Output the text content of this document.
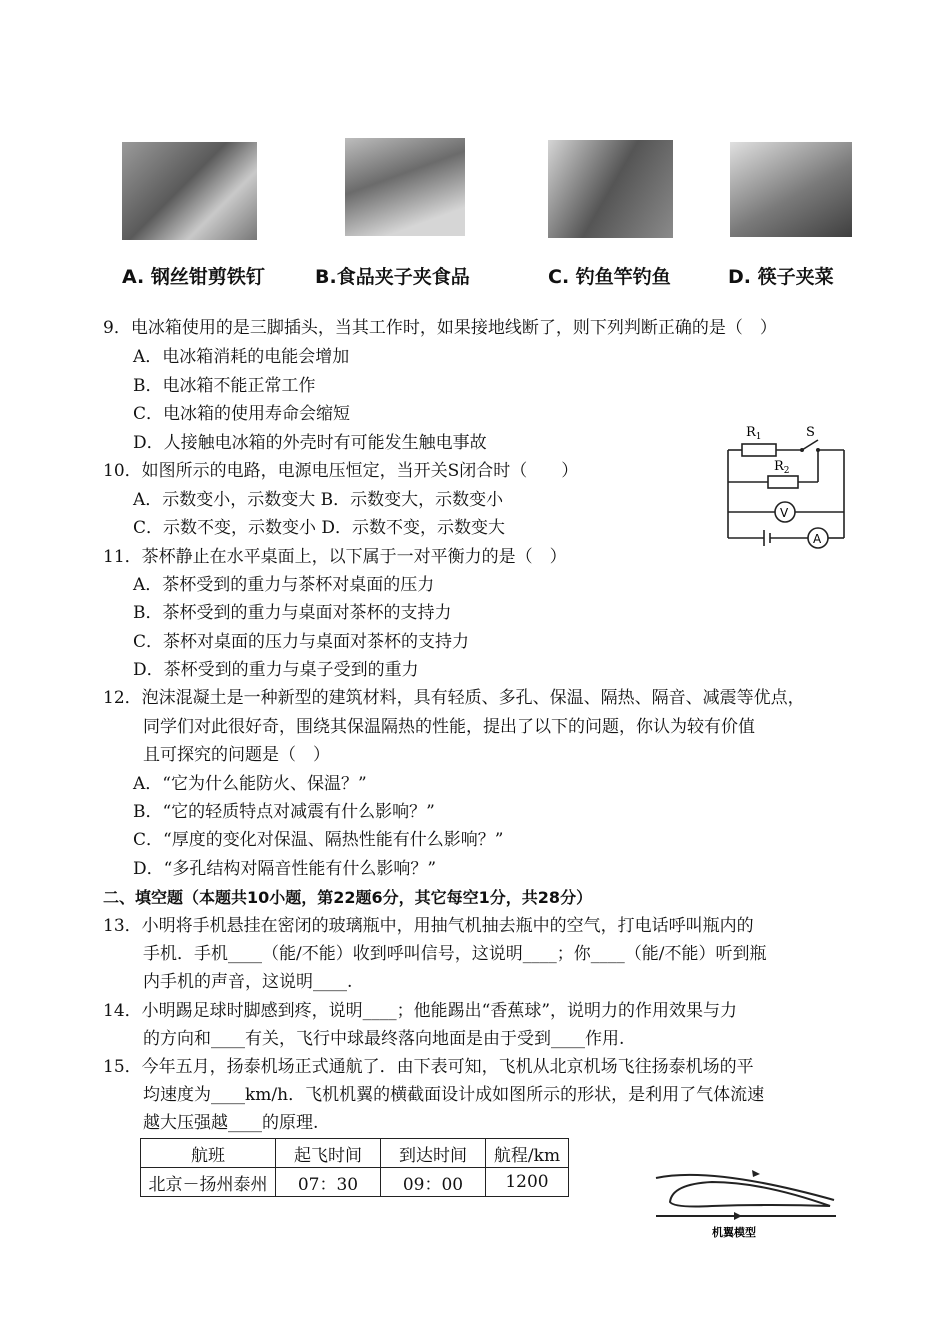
A. 钢丝钳剪铁钉	B.食品夹子夹食品	C. 钓鱼竿钓鱼	D. 筷子夹菜
9．电冰箱使用的是三脚插头，当其工作时，如果接地线断了，则下列判断正确的是（　）
A．电冰箱消耗的电能会增加
B．电冰箱不能正常工作
C．电冰箱的使用寿命会缩短
D．人接触电冰箱的外壳时有可能发生触电事故
10．如图所示的电路，电源电压恒定，当开关S闭合时（　　）
A．示数变小，示数变大 B．示数变大，示数变小
C．示数不变，示数变小 D．示数不变，示数变大
$R_1$
$R_2$
S
V
A
11．茶杯静止在水平桌面上，以下属于一对平衡力的是（　）
A．茶杯受到的重力与茶杯对桌面的压力
B．茶杯受到的重力与桌面对茶杯的支持力
C．茶杯对桌面的压力与桌面对茶杯的支持力
D．茶杯受到的重力与桌子受到的重力
12．泡沫混凝土是一种新型的建筑材料，具有轻质、多孔、保温、隔热、隔音、减震等优点，
同学们对此很好奇，围绕其保温隔热的性能，提出了以下的问题，你认为较有价值
且可探究的问题是（　）
A．“它为什么能防火、保温？”
B．“它的轻质特点对减震有什么影响？”
C．“厚度的变化对保温、隔热性能有什么影响？”
D．“多孔结构对隔音性能有什么影响？”
二、填空题（本题共10小题，第22题6分，其它每空1分，共28分）
13．小明将手机悬挂在密闭的玻璃瓶中，用抽气机抽去瓶中的空气，打电话呼叫瓶内的
手机．手机____（能/不能）收到呼叫信号，这说明____；你____（能/不能）听到瓶
内手机的声音，这说明____.
14．小明踢足球时脚感到疼，说明____；他能踢出“香蕉球”，说明力的作用效果与力
的方向和____有关，飞行中球最终落向地面是由于受到____作用.
15．今年五月，扬泰机场正式通航了．由下表可知，飞机从北京机场飞往扬泰机场的平
均速度为____km/h．飞机机翼的横截面设计成如图所示的形状，是利用了气体流速
越大压强越____的原理.
航班	起飞时间	到达时间	航程/km
北京－扬州泰州	07：30	09：00	1200
机翼模型
